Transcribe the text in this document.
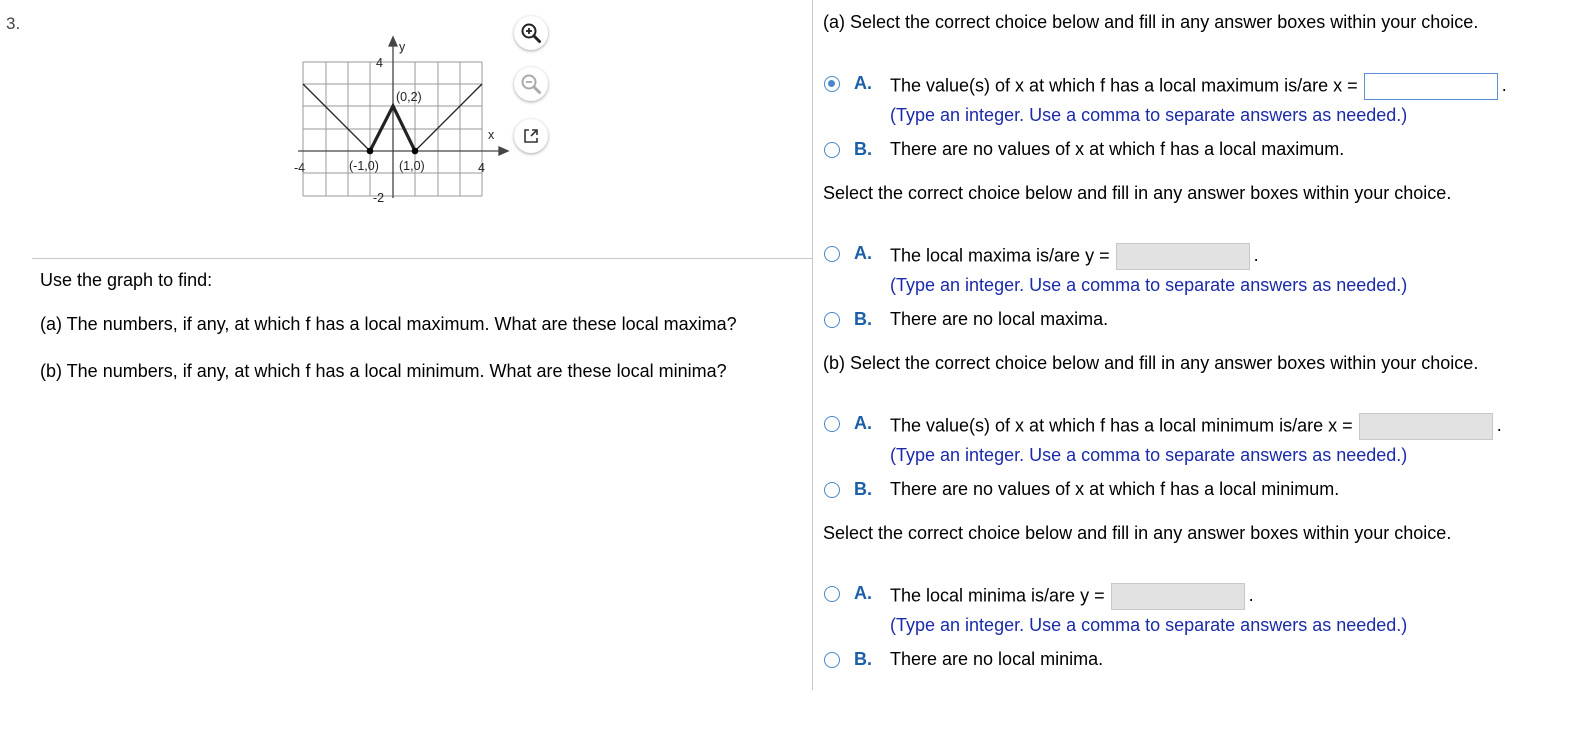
3.
y
x
4
-2
-4	4
(0,2)
(-1,0) (1,0)
Use the graph to find:
(a) The numbers, if any, at which f has a local maximum. What are these local maxima?
(b) The numbers, if any, at which f has a local minimum. What are these local minima?
(a) Select the correct choice below and fill in any answer boxes within your choice.
A. The value(s) of x at which f has a local maximum is/are x =	.
(Type an integer. Use a comma to separate answers as needed.)
B. There are no values of x at which f has a local maximum.
Select the correct choice below and fill in any answer boxes within your choice.
A. The local maxima is/are y =	.
(Type an integer. Use a comma to separate answers as needed.)
B. There are no local maxima.
(b) Select the correct choice below and fill in any answer boxes within your choice.
A. The value(s) of x at which f has a local minimum is/are x =	.
(Type an integer. Use a comma to separate answers as needed.)
B. There are no values of x at which f has a local minimum.
Select the correct choice below and fill in any answer boxes within your choice.
A. The local minima is/are y =	.
(Type an integer. Use a comma to separate answers as needed.)
B. There are no local minima.
